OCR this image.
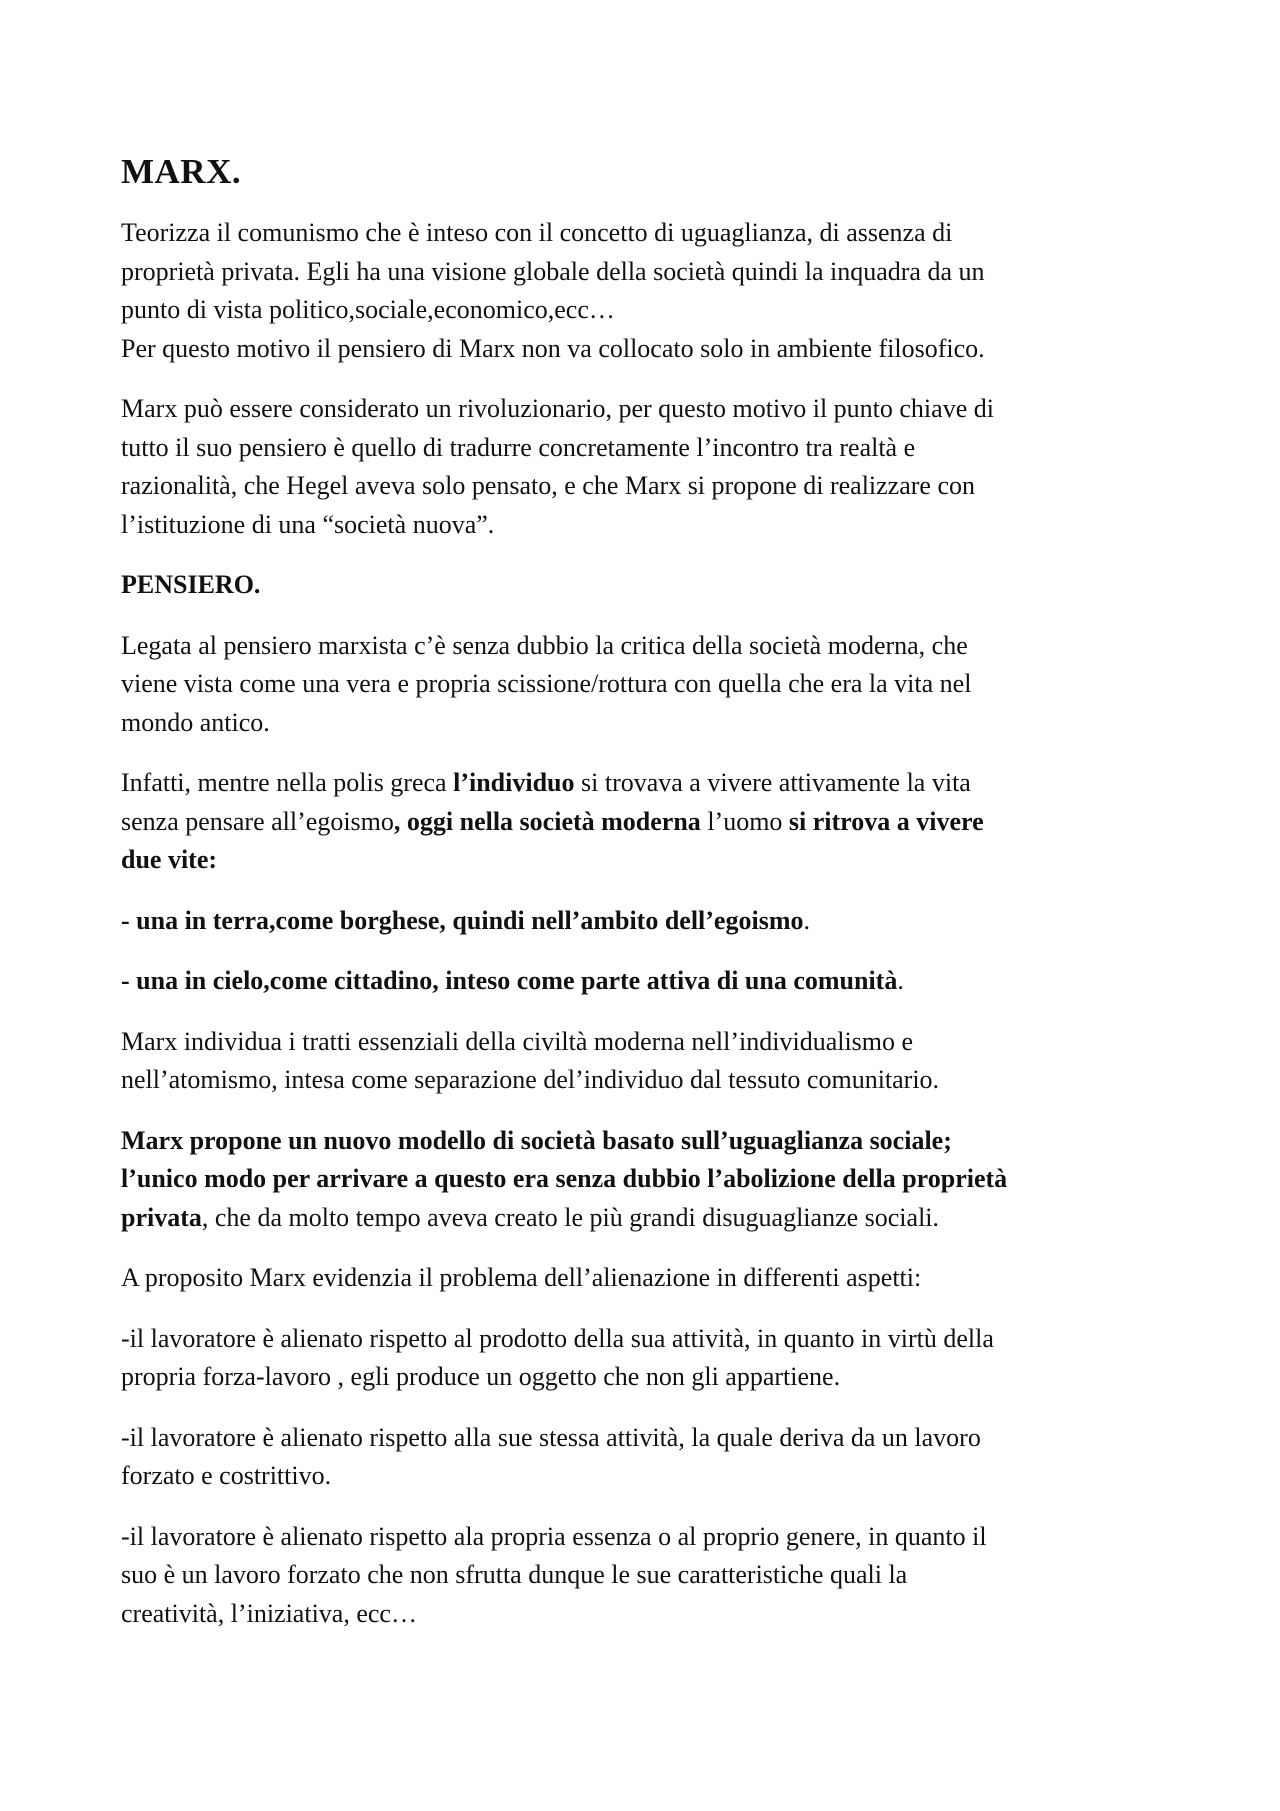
MARX.

Teorizza il comunismo che è inteso con il concetto di uguaglianza, di assenza di
proprietà privata. Egli ha una visione globale della società quindi la inquadra da un
punto di vista politico,sociale,economico,ecc…
Per questo motivo il pensiero di Marx non va collocato solo in ambiente filosofico.

Marx può essere considerato un rivoluzionario, per questo motivo il punto chiave di
tutto il suo pensiero è quello di tradurre concretamente l’incontro tra realtà e
razionalità, che Hegel aveva solo pensato, e che Marx si propone di realizzare con
l’istituzione di una “società nuova”.

PENSIERO.

Legata al pensiero marxista c’è senza dubbio la critica della società moderna, che
viene vista come una vera e propria scissione/rottura con quella che era la vita nel
mondo antico.

Infatti, mentre nella polis greca l’individuo si trovava a vivere attivamente la vita
senza pensare all’egoismo, oggi nella società moderna l’uomo si ritrova a vivere
due vite:

- una in terra,come borghese, quindi nell’ambito dell’egoismo.

- una in cielo,come cittadino, inteso come parte attiva di una comunità.

Marx individua i tratti essenziali della civiltà moderna nell’individualismo e
nell’atomismo, intesa come separazione del’individuo dal tessuto comunitario.

Marx propone un nuovo modello di società basato sull’uguaglianza sociale;
l’unico modo per arrivare a questo era senza dubbio l’abolizione della proprietà
privata, che da molto tempo aveva creato le più grandi disuguaglianze sociali.

A proposito Marx evidenzia il problema dell’alienazione in differenti aspetti:

-il lavoratore è alienato rispetto al prodotto della sua attività, in quanto in virtù della
propria forza-lavoro , egli produce un oggetto che non gli appartiene.

-il lavoratore è alienato rispetto alla sue stessa attività, la quale deriva da un lavoro
forzato e costrittivo.

-il lavoratore è alienato rispetto ala propria essenza o al proprio genere, in quanto il
suo è un lavoro forzato che non sfrutta dunque le sue caratteristiche quali la
creatività, l’iniziativa, ecc…
